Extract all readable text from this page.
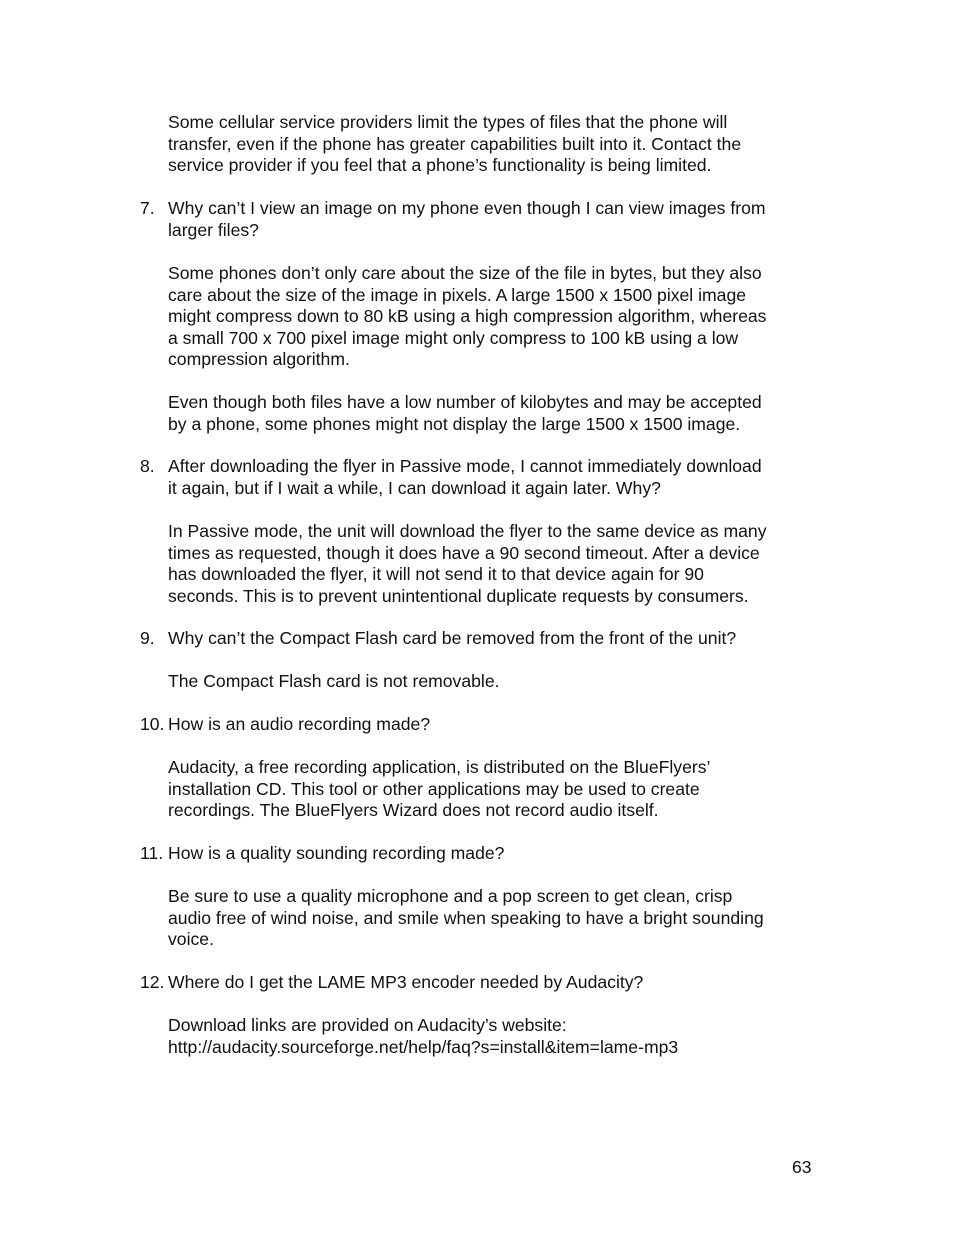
Some cellular service providers limit the types of files that the phone will
transfer, even if the phone has greater capabilities built into it. Contact the
service provider if you feel that a phone’s functionality is being limited.

7. Why can’t I view an image on my phone even though I can view images from
larger files?

Some phones don’t only care about the size of the file in bytes, but they also
care about the size of the image in pixels. A large 1500 x 1500 pixel image
might compress down to 80 kB using a high compression algorithm, whereas
a small 700 x 700 pixel image might only compress to 100 kB using a low
compression algorithm.

Even though both files have a low number of kilobytes and may be accepted
by a phone, some phones might not display the large 1500 x 1500 image.

8. After downloading the flyer in Passive mode, I cannot immediately download
it again, but if I wait a while, I can download it again later. Why?

In Passive mode, the unit will download the flyer to the same device as many
times as requested, though it does have a 90 second timeout. After a device
has downloaded the flyer, it will not send it to that device again for 90
seconds. This is to prevent unintentional duplicate requests by consumers.

9. Why can’t the Compact Flash card be removed from the front of the unit?

The Compact Flash card is not removable.

10. How is an audio recording made?

Audacity, a free recording application, is distributed on the BlueFlyers’
installation CD. This tool or other applications may be used to create
recordings. The BlueFlyers Wizard does not record audio itself.

11. How is a quality sounding recording made?

Be sure to use a quality microphone and a pop screen to get clean, crisp
audio free of wind noise, and smile when speaking to have a bright sounding
voice.

12. Where do I get the LAME MP3 encoder needed by Audacity?

Download links are provided on Audacity’s website:

http://audacity.sourceforge.net/help/faq?s=install&item=lame-mp3

63
